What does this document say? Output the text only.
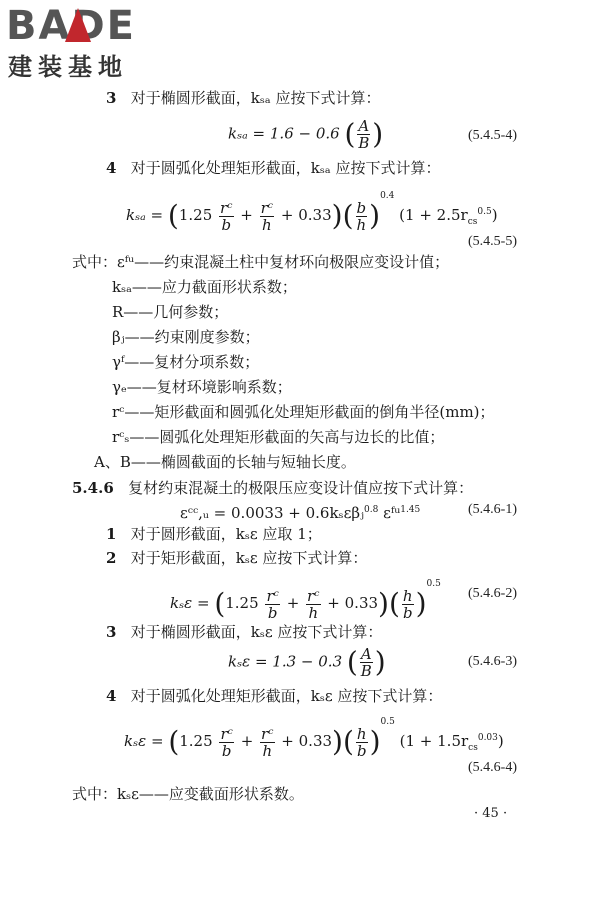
BADE
建装基地
3 对于椭圆形截面，kₛₐ 应按下式计算：
kₛₐ = 1.6 − 0.6 ( $\frac{A}{B}$ )	(5.4.5-4)
4 对于圆弧化处理矩形截面，kₛₐ 应按下式计算：
$k_{sa} = (1.25 \frac{\text{rᶜ}}{b} + \frac{\text{rᶜ}}{h} + 0.33)( \frac{b}{h} )^{0.4}$ $(1 + 2.5r_{cs}^{0.5})$
(5.4.5-5)
式中：εᶠᵘ——约束混凝土柱中复材环向极限应变设计值；
kₛₐ——应力截面形状系数；
R——几何参数；
βⱼ——约束刚度参数；
γᶠ——复材分项系数；
γₑ——复材环境影响系数；
rᶜ——矩形截面和圆弧化处理矩形截面的倒角半径(mm)；
rᶜₛ——圆弧化处理矩形截面的矢高与边长的比值；
A、B——椭圆截面的长轴与短轴长度。
5.4.6 复材约束混凝土的极限压应变设计值应按下式计算：
εᶜᶜ,ᵤ = 0.0033 + 0.6kₛεβⱼ$^{0.8}$ εᶠᵘ$^{1.45}$	(5.4.6-1)
1 对于圆形截面，kₛε 应取 1；
2 对于矩形截面，kₛε 应按下式计算：
$k_s\varepsilon = (1.25 \frac{\text{rᶜ}}{b} + \frac{\text{rᶜ}}{h} + 0.33)( \frac{h}{b} )^{0.5}$
(5.4.6-2)
3 对于椭圆形截面，kₛε 应按下式计算：
kₛε = 1.3 − 0.3 ( $\frac{A}{B}$ )	(5.4.6-3)
4 对于圆弧化处理矩形截面，kₛε 应按下式计算：
$k_s\varepsilon = (1.25 \frac{\text{rᶜ}}{b} + \frac{\text{rᶜ}}{h} + 0.33)( \frac{h}{b} )^{0.5}$ $(1 + 1.5r_{cs}^{0.03})$
(5.4.6-4)
式中：kₛε——应变截面形状系数。
· 45 ·
